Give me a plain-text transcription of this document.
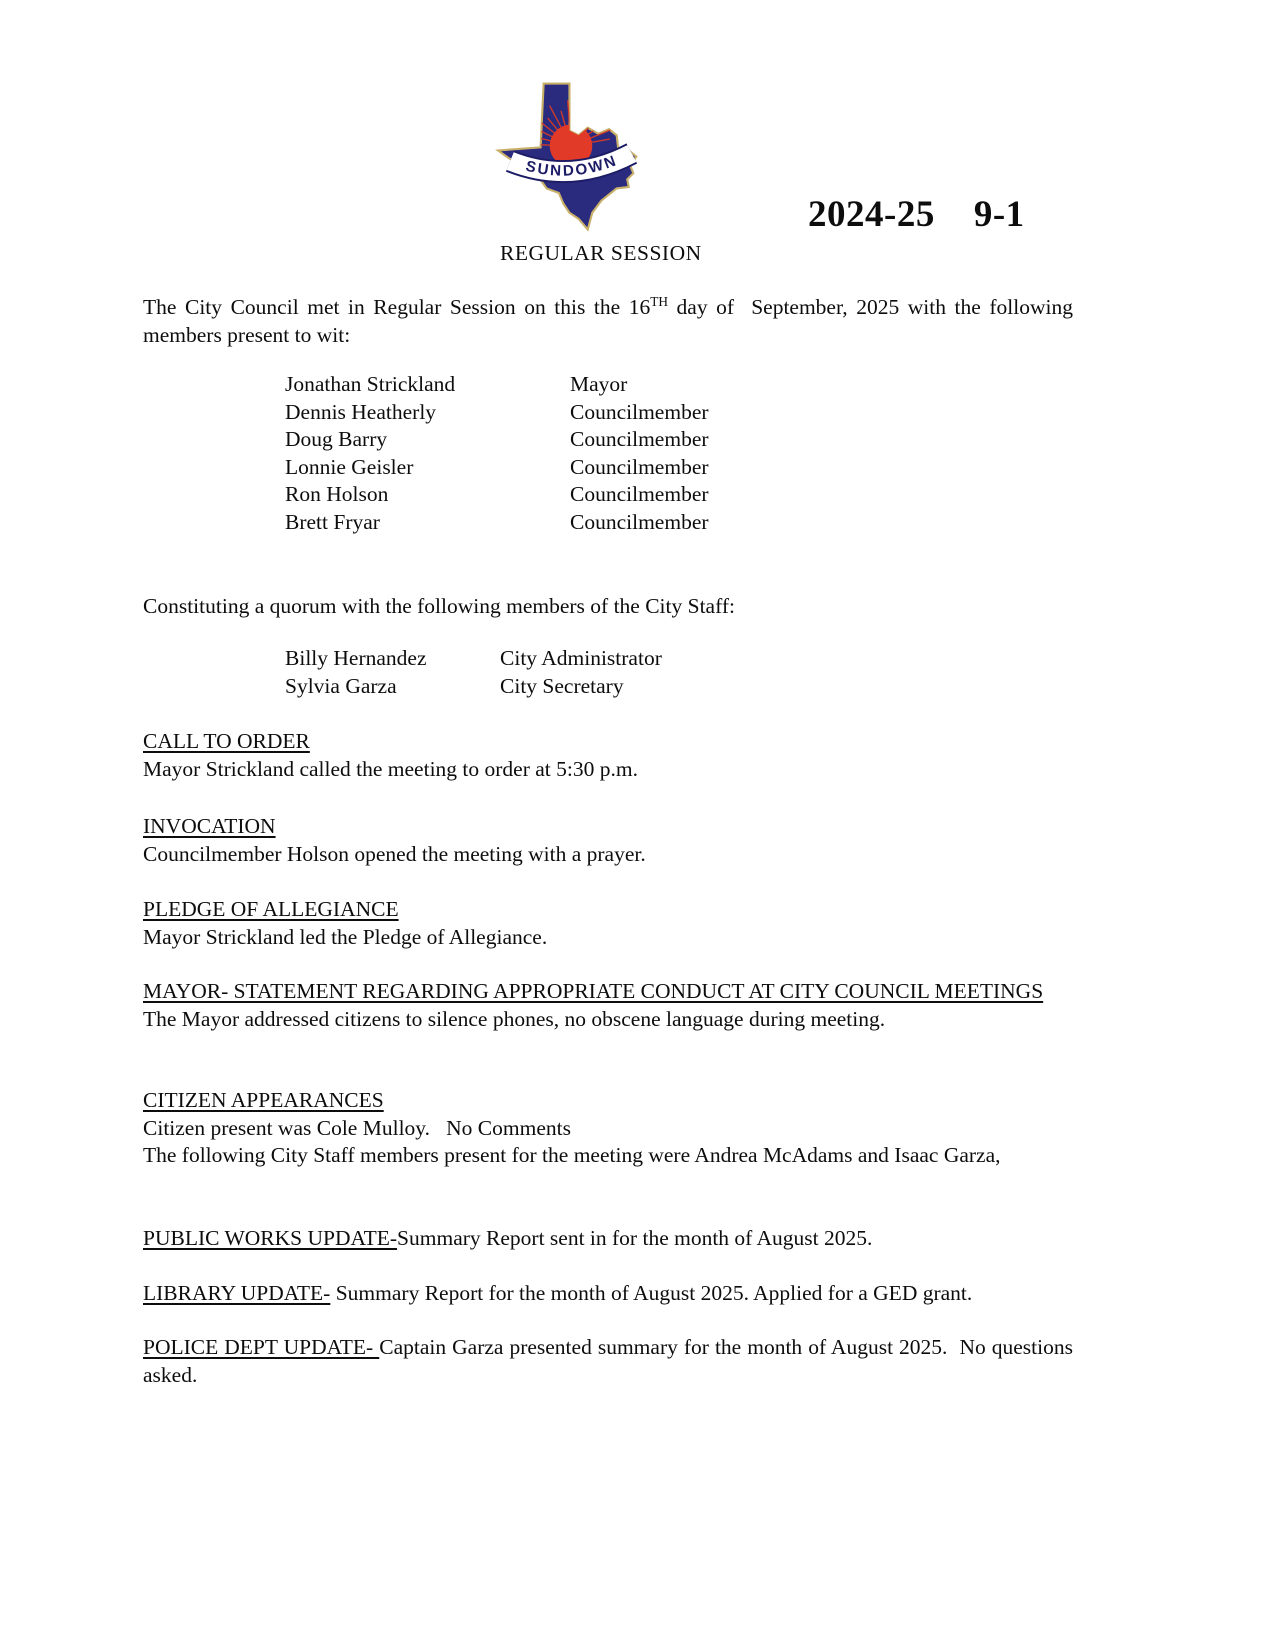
SUNDOWN
2024-25    9-1
REGULAR SESSION
The City Council met in Regular Session on this the 16TH day of  September, 2025 with the following members present to wit:
Jonathan Strickland	Mayor
Dennis Heatherly	Councilmember
Doug Barry	Councilmember
Lonnie Geisler	Councilmember
Ron Holson	Councilmember
Brett Fryar	Councilmember
Constituting a quorum with the following members of the City Staff:
Billy Hernandez	City Administrator
Sylvia Garza	City Secretary
CALL TO ORDER
Mayor Strickland called the meeting to order at 5:30 p.m.
INVOCATION
Councilmember Holson opened the meeting with a prayer.
PLEDGE OF ALLEGIANCE
Mayor Strickland led the Pledge of Allegiance.
MAYOR- STATEMENT REGARDING APPROPRIATE CONDUCT AT CITY COUNCIL MEETINGS
The Mayor addressed citizens to silence phones, no obscene language during meeting.
CITIZEN APPEARANCES
Citizen present was Cole Mulloy.   No Comments
The following City Staff members present for the meeting were Andrea McAdams and Isaac Garza,
PUBLIC WORKS UPDATE-Summary Report sent in for the month of August 2025.
LIBRARY UPDATE- Summary Report for the month of August 2025. Applied for a GED grant.
POLICE DEPT UPDATE- Captain Garza presented summary for the month of August 2025.  No questions asked.
